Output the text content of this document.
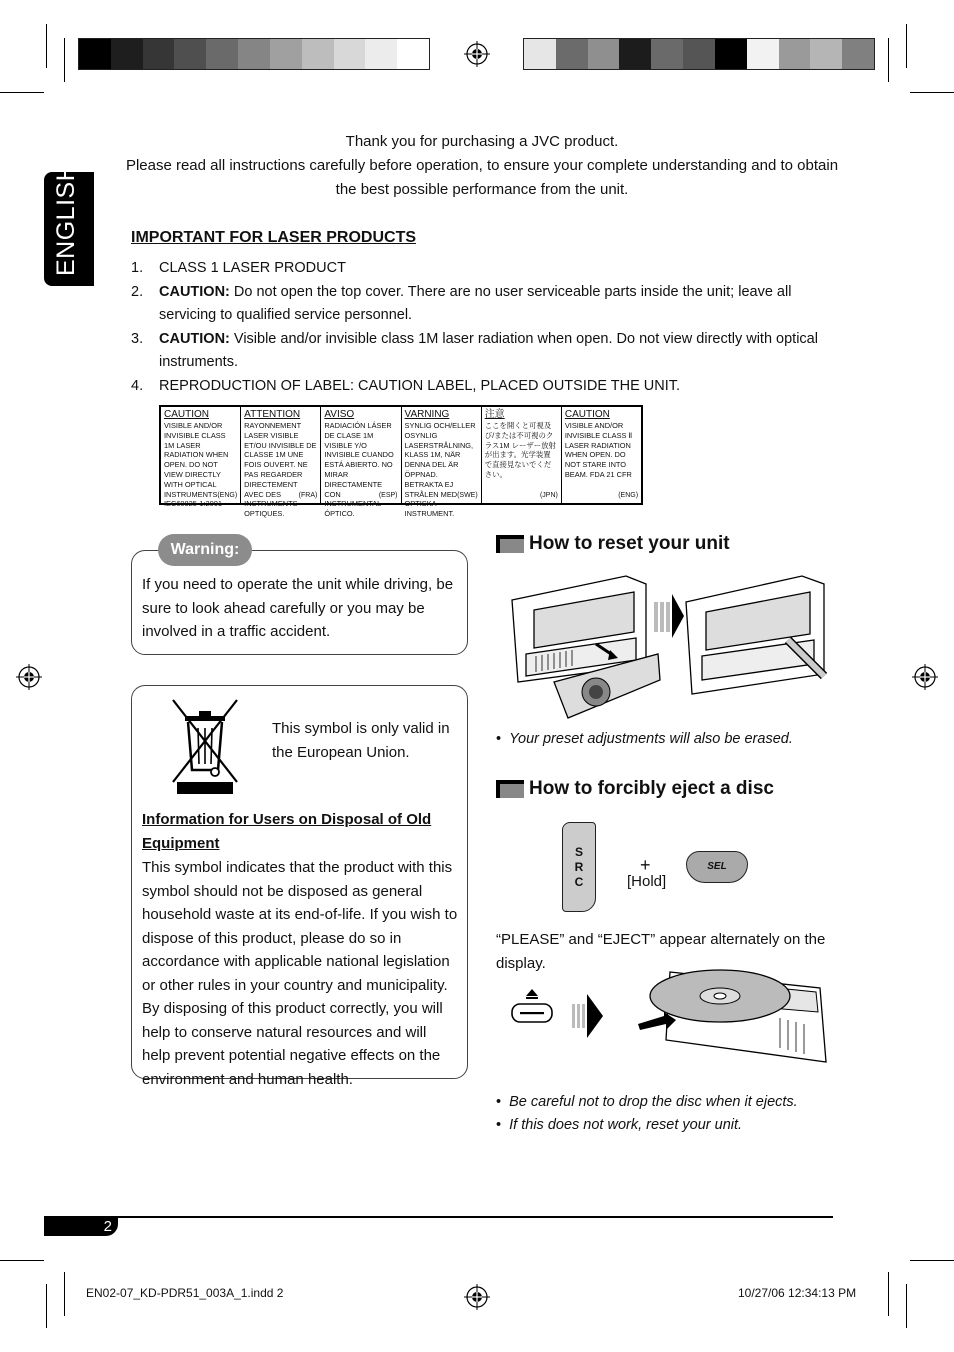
Thank you for purchasing a JVC product.
Please read all instructions carefully before operation, to ensure your complete understanding and to obtain the best possible performance from the unit.
ENGLISH	IMPORTANT FOR LASER PRODUCTS
1. CLASS 1 LASER PRODUCT
2. CAUTION: Do not open the top cover. There are no user serviceable parts inside the unit; leave all servicing to qualified service personnel.
3. CAUTION: Visible and/or invisible class 1M laser radiation when open. Do not view directly with optical instruments.
4. REPRODUCTION OF LABEL: CAUTION LABEL, PLACED OUTSIDE THE UNIT.
CAUTION
VISIBLE AND/OR INVISIBLE CLASS 1M LASER RADIATION WHEN OPEN. DO NOT VIEW DIRECTLY WITH OPTICAL INSTRUMENTS. IEC60825-1:2001
(ENG)
ATTENTION
RAYONNEMENT LASER VISIBLE ET/OU INVISIBLE DE CLASSE 1M UNE FOIS OUVERT. NE PAS REGARDER DIRECTEMENT AVEC DES INSTRUMENTS OPTIQUES.
(FRA)
AVISO
RADIACIÓN LÁSER DE CLASE 1M VISIBLE Y/O INVISIBLE CUANDO ESTÁ ABIERTO. NO MIRAR DIRECTAMENTE CON INSTRUMENTAL ÓPTICO.
(ESP)
VARNING
SYNLIG OCH/ELLER OSYNLIG LASERSTRÅLNING, KLASS 1M, NÄR DENNA DEL ÄR ÖPPNAD. BETRAKTA EJ STRÅLEN MED OPTISKA INSTRUMENT.
(SWE)
注意
ここを開くと可視及び/または不可視のクラス1M レーザー放射が出ます。光学装置で直接見ないでください。
(JPN)
CAUTION
VISIBLE AND/OR INVISIBLE CLASS Ⅱ LASER RADIATION WHEN OPEN. DO NOT STARE INTO BEAM. FDA 21 CFR
(ENG)
Warning:
If you need to operate the unit while driving, be sure to look ahead carefully or you may be involved in a traffic accident.
This symbol is only valid in the European Union.
Information for Users on Disposal of Old Equipment
This symbol indicates that the product with this symbol should not be disposed as general household waste at its end-of-life. If you wish to dispose of this product, please do so in accordance with applicable national legislation or other rules in your country and municipality. By disposing of this product correctly, you will help to conserve natural resources and will help prevent potential negative effects on the environment and human health.
How to reset your unit
•  Your preset adjustments will also be erased.
How to forcibly eject a disc
S
R
C
+
[Hold]
SEL
“PLEASE” and “EJECT” appear alternately on the display.
•  Be careful not to drop the disc when it ejects.
•  If this does not work, reset your unit.
2
EN02-07_KD-PDR51_003A_1.indd 2	10/27/06 12:34:13 PM
